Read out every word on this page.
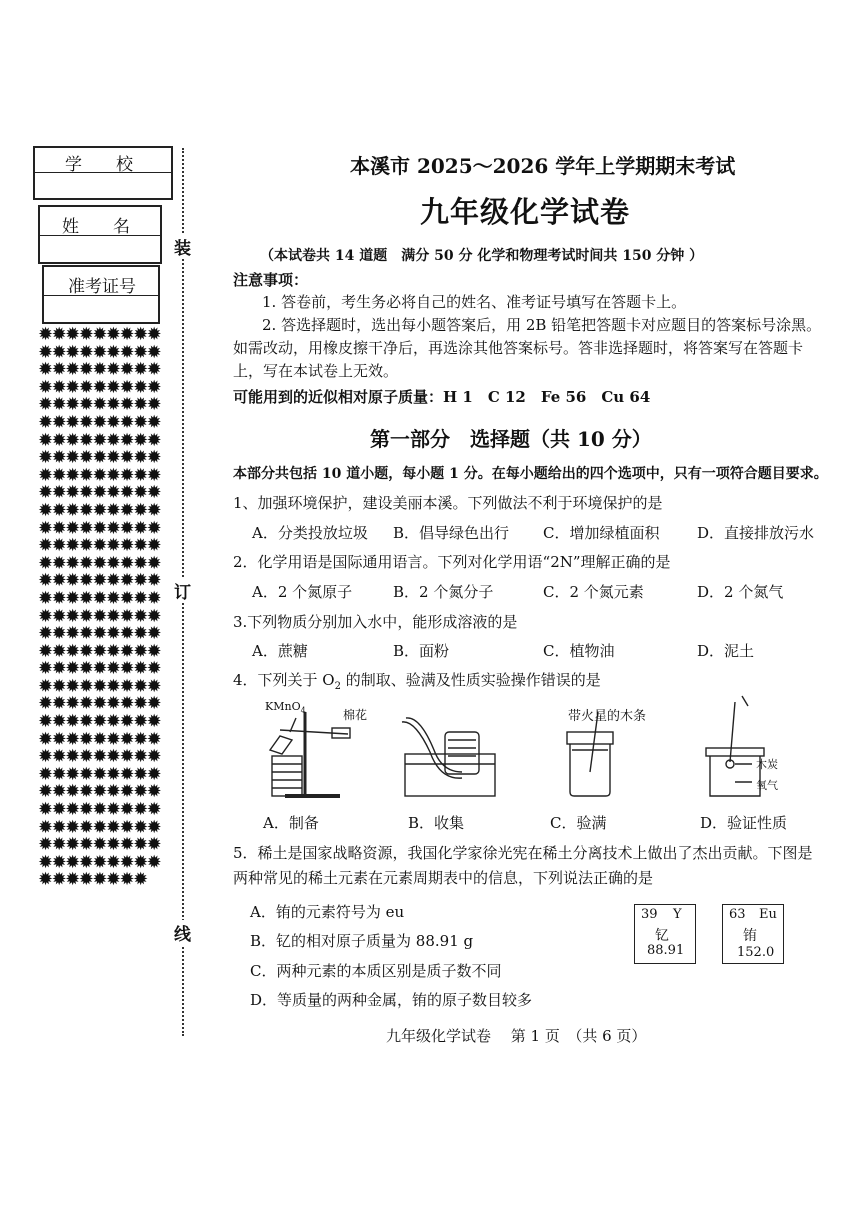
学　　校
姓　　名
准考证号
✹✹✹✹✹✹✹✹✹✹✹✹✹✹✹✹✹✹✹✹✹✹✹✹✹✹✹✹✹✹✹✹✹✹✹✹✹✹✹✹✹✹✹✹✹✹✹✹✹✹✹✹✹✹✹✹✹✹✹✹✹✹✹✹✹✹✹✹✹✹✹✹✹✹✹✹✹✹✹✹✹✹✹✹✹✹✹✹✹✹✹✹✹✹✹✹✹✹✹✹✹✹✹✹✹✹✹✹✹✹✹✹✹✹✹✹✹✹✹✹✹✹✹✹✹✹✹✹✹✹✹✹✹✹✹✹✹✹✹✹✹✹✹✹✹✹✹✹✹✹✹✹✹✹✹✹✹✹✹✹✹✹✹✹✹✹✹✹✹✹✹✹✹✹✹✹✹✹✹✹✹✹✹✹✹✹✹✹✹✹✹✹✹✹✹✹✹✹✹✹✹✹✹✹✹✹✹✹✹✹✹✹✹✹✹✹✹✹✹✹✹✹✹✹✹✹✹✹✹✹✹✹✹✹✹✹✹✹✹✹✹✹✹✹✹✹✹✹✹✹✹✹✹✹✹✹✹✹✹✹✹✹✹✹✹✹✹✹✹✹✹✹✹✹✹✹✹✹✹✹✹✹✹✹✹✹✹
装
订
线
本溪市 2025～2026 学年上学期期末考试
九年级化学试卷
（本试卷共 14 道题　满分 50 分 化学和物理考试时间共 150 分钟 ）
注意事项：
1. 答卷前，考生务必将自己的姓名、准考证号填写在答题卡上。
2. 答选择题时，选出每小题答案后，用 2B 铅笔把答题卡对应题目的答案标号涂黑。
如需改动，用橡皮擦干净后，再选涂其他答案标号。答非选择题时，将答案写在答题卡
上，写在本试卷上无效。
可能用到的近似相对原子质量：H 1　C 12　Fe 56　Cu 64
第一部分　选择题（共 10 分）
本部分共包括 10 道小题，每小题 1 分。在每小题给出的四个选项中，只有一项符合题目要求。
1、加强环境保护，建设美丽本溪。下列做法不利于环境保护的是
A．分类投放垃圾 B．倡导绿色出行 C．增加绿植面积	D．直接排放污水
2．化学用语是国际通用语言。下列对化学用语“2N”理解正确的是
A．2 个氮原子	B．2 个氮分子	C．2 个氮元素	D．2 个氮气
3.下列物质分别加入水中，能形成溶液的是
A．蔗糖	B．面粉	C．植物油	D．泥土
4．下列关于 $O_2$ 的制取、验满及性质实验操作错误的是
KMnO$_4$	棉花	带火星的木条
木炭
氧气
A．制备	B．收集	C．验满	D．验证性质
5．稀土是国家战略资源，我国化学家徐光宪在稀土分离技术上做出了杰出贡献。下图是
两种常见的稀土元素在元素周期表中的信息，下列说法正确的是
A．铕的元素符号为 eu
B．钇的相对原子质量为 88.91 g
C．两种元素的本质区别是质子数不同
D．等质量的两种金属，铕的原子数目较多
39 Y
钇
88.91
63 Eu
铕
152.0
九年级化学试卷　 第 1 页　（共 6 页）
